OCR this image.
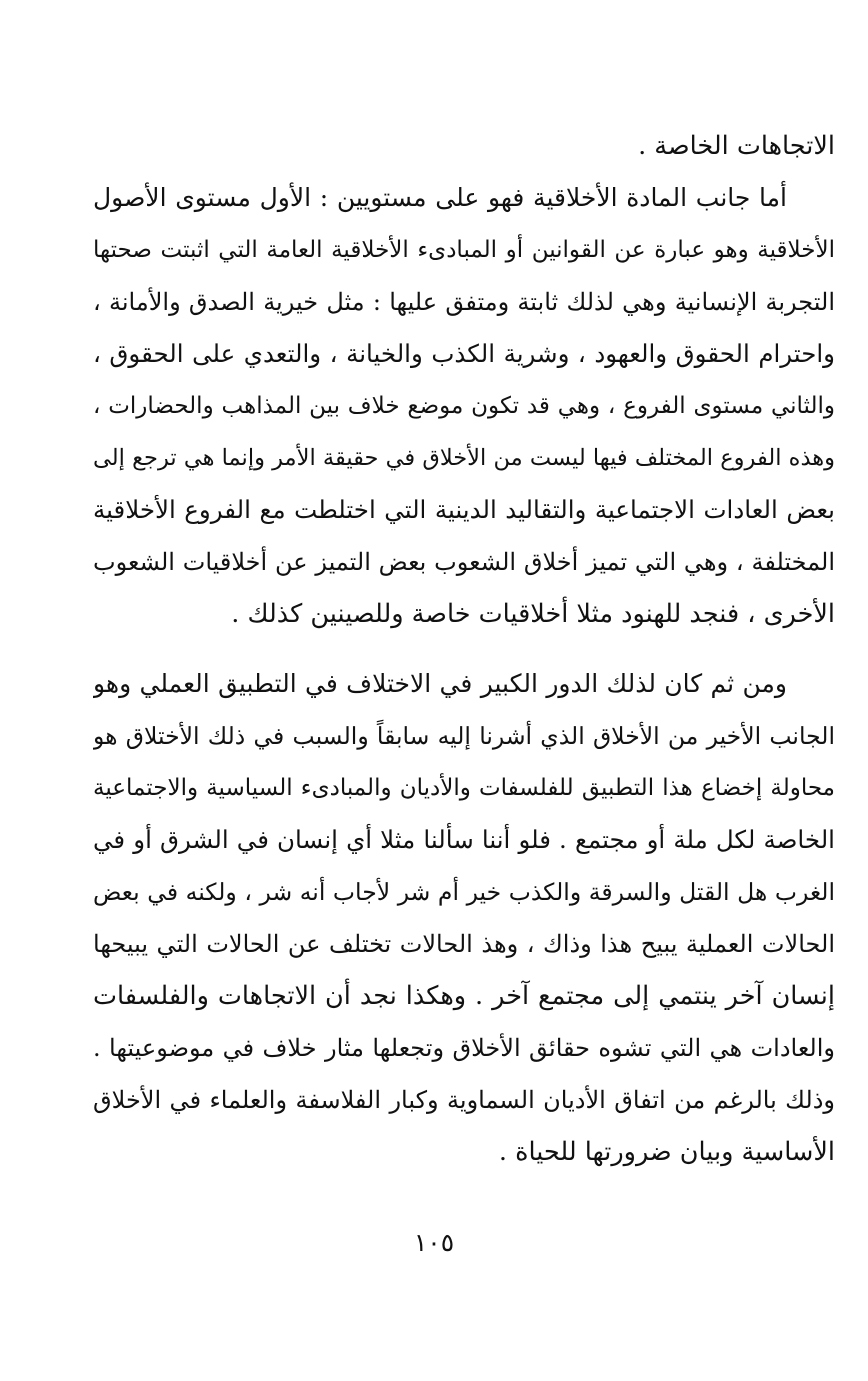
الاتجاهات الخاصة .
أما جانب المادة الأخلاقية فهو على مستويين : الأول مستوى الأصول
الأخلاقية وهو عبارة عن القوانين أو المبادىء الأخلاقية العامة التي اثبتت صحتها
التجربة الإنسانية وهي لذلك ثابتة ومتفق عليها : مثل خيرية الصدق والأمانة ،
واحترام الحقوق والعهود ، وشرية الكذب والخيانة ، والتعدي على الحقوق ،
والثاني مستوى الفروع ، وهي قد تكون موضع خلاف بين المذاهب والحضارات ،
وهذه الفروع المختلف فيها ليست من الأخلاق في حقيقة الأمر وإنما هي ترجع إلى
بعض العادات الاجتماعية والتقاليد الدينية التي اختلطت مع الفروع الأخلاقية
المختلفة ، وهي التي تميز أخلاق الشعوب بعض التميز عن أخلاقيات الشعوب
الأخرى ، فنجد للهنود مثلا أخلاقيات خاصة وللصينين كذلك .
ومن ثم كان لذلك الدور الكبير في الاختلاف في التطبيق العملي وهو
الجانب الأخير من الأخلاق الذي أشرنا إليه سابقاً والسبب في ذلك الأختلاق هو
محاولة إخضاع هذا التطبيق للفلسفات والأديان والمبادىء السياسية والاجتماعية
الخاصة لكل ملة أو مجتمع . فلو أننا سألنا مثلا أي إنسان في الشرق أو في
الغرب هل القتل والسرقة والكذب خير أم شر لأجاب أنه شر ، ولكنه في بعض
الحالات العملية يبيح هذا وذاك ، وهذ الحالات تختلف عن الحالات التي يبيحها
إنسان آخر ينتمي إلى مجتمع آخر . وهكذا نجد أن الاتجاهات والفلسفات
والعادات هي التي تشوه حقائق الأخلاق وتجعلها مثار خلاف في موضوعيتها .
وذلك بالرغم من اتفاق الأديان السماوية وكبار الفلاسفة والعلماء في الأخلاق
الأساسية وبيان ضرورتها للحياة .
١٠٥
